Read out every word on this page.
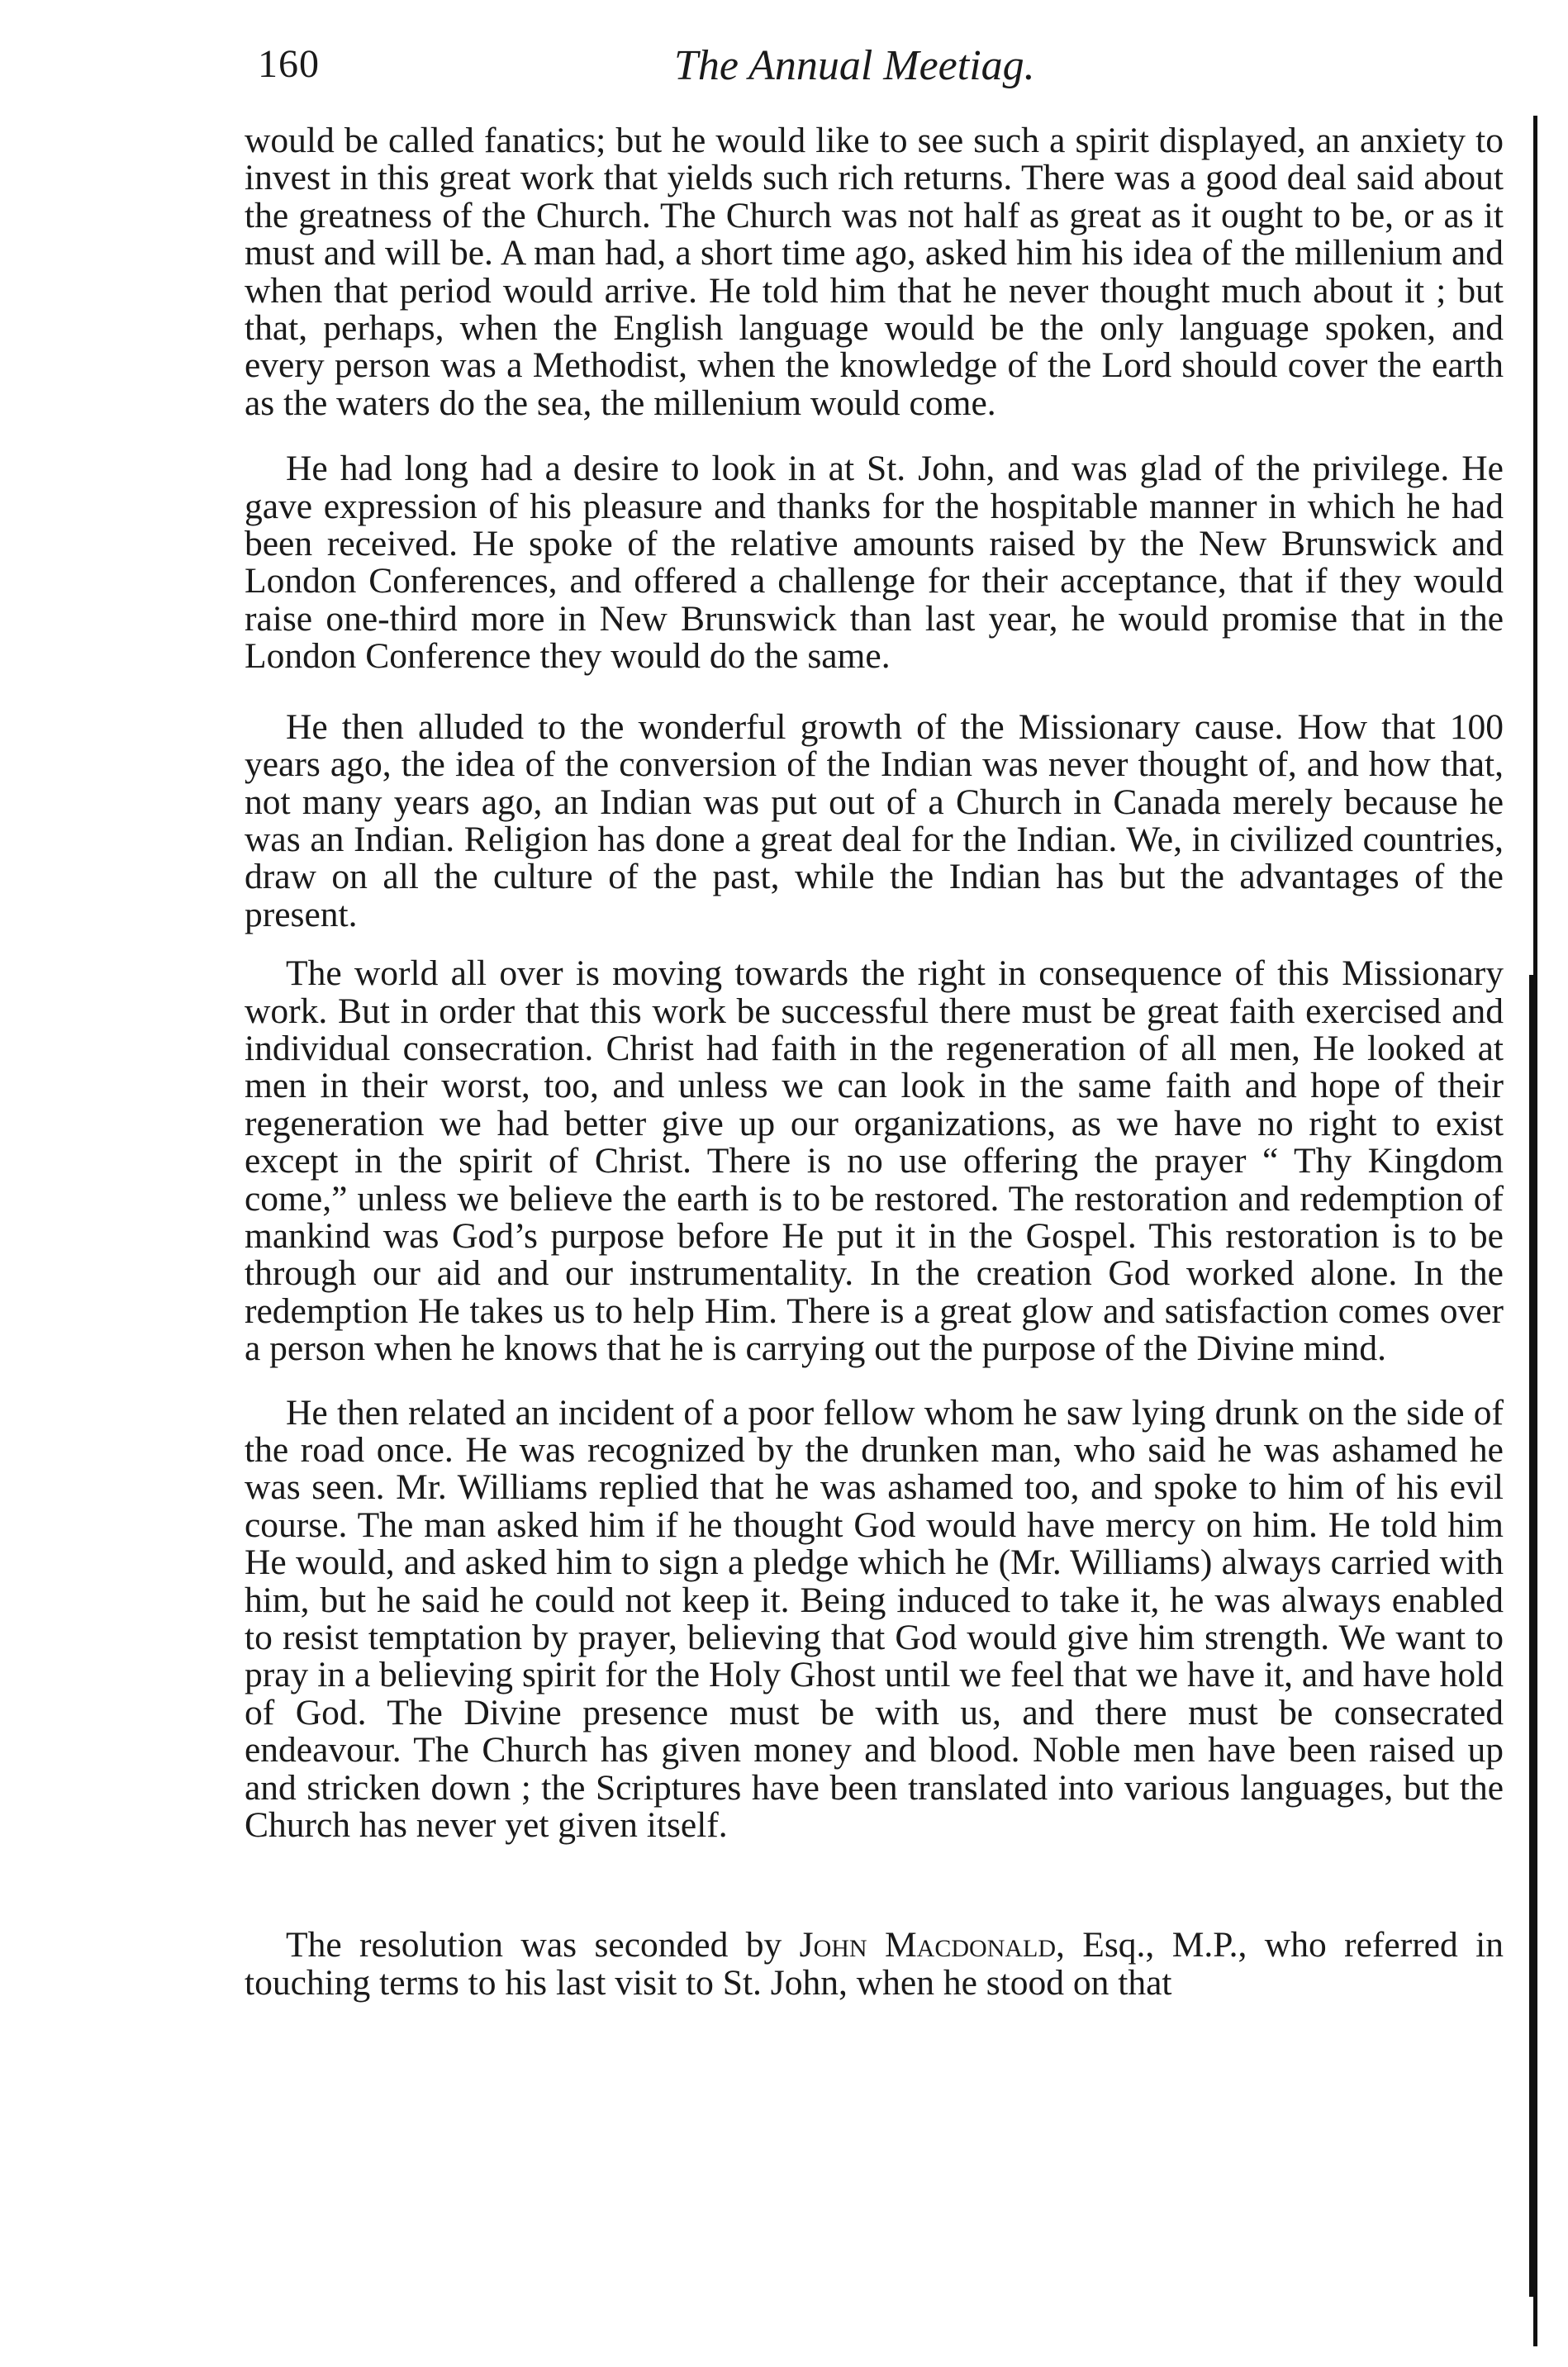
160	The Annual Meetiag.

would be called fanatics; but he would like to see such a spirit displayed, an anxiety to invest in this great work that yields such rich returns. There was a good deal said about the greatness of the Church. The Church was not half as great as it ought to be, or as it must and will be. A man had, a short time ago, asked him his idea of the millenium and when that period would arrive. He told him that he never thought much about it ; but that, perhaps, when the English language would be the only language spoken, and every person was a Methodist, when the knowledge of the Lord should cover the earth as the waters do the sea, the millenium would come.

He had long had a desire to look in at St. John, and was glad of the privilege. He gave expression of his pleasure and thanks for the hospitable manner in which he had been received. He spoke of the relative amounts raised by the New Brunswick and London Conferences, and offered a challenge for their acceptance, that if they would raise one-third more in New Brunswick than last year, he would promise that in the London Conference they would do the same.

He then alluded to the wonderful growth of the Missionary cause. How that 100 years ago, the idea of the conversion of the Indian was never thought of, and how that, not many years ago, an Indian was put out of a Church in Canada merely because he was an Indian. Religion has done a great deal for the Indian. We, in civilized countries, draw on all the culture of the past, while the Indian has but the advantages of the present.

The world all over is moving towards the right in consequence of this Missionary work. But in order that this work be successful there must be great faith exercised and individual consecration. Christ had faith in the regeneration of all men, He looked at men in their worst, too, and unless we can look in the same faith and hope of their regeneration we had better give up our organizations, as we have no right to exist except in the spirit of Christ. There is no use offering the prayer “ Thy Kingdom come,” unless we believe the earth is to be restored. The restoration and redemption of mankind was God’s purpose before He put it in the Gospel. This restoration is to be through our aid and our instrumentality. In the creation God worked alone. In the redemption He takes us to help Him. There is a great glow and satisfaction comes over a person when he knows that he is carrying out the purpose of the Divine mind.

He then related an incident of a poor fellow whom he saw lying drunk on the side of the road once. He was recognized by the drunken man, who said he was ashamed he was seen. Mr. Williams replied that he was ashamed too, and spoke to him of his evil course. The man asked him if he thought God would have mercy on him. He told him He would, and asked him to sign a pledge which he (Mr. Williams) always carried with him, but he said he could not keep it. Being induced to take it, he was always enabled to resist temptation by prayer, believing that God would give him strength. We want to pray in a believing spirit for the Holy Ghost until we feel that we have it, and have hold of God. The Divine presence must be with us, and there must be consecrated endeavour. The Church has given money and blood. Noble men have been raised up and stricken down ; the Scriptures have been translated into various languages, but the Church has never yet given itself.

The resolution was seconded by John Macdonald, Esq., M.P., who referred in touching terms to his last visit to St. John, when he stood on that
